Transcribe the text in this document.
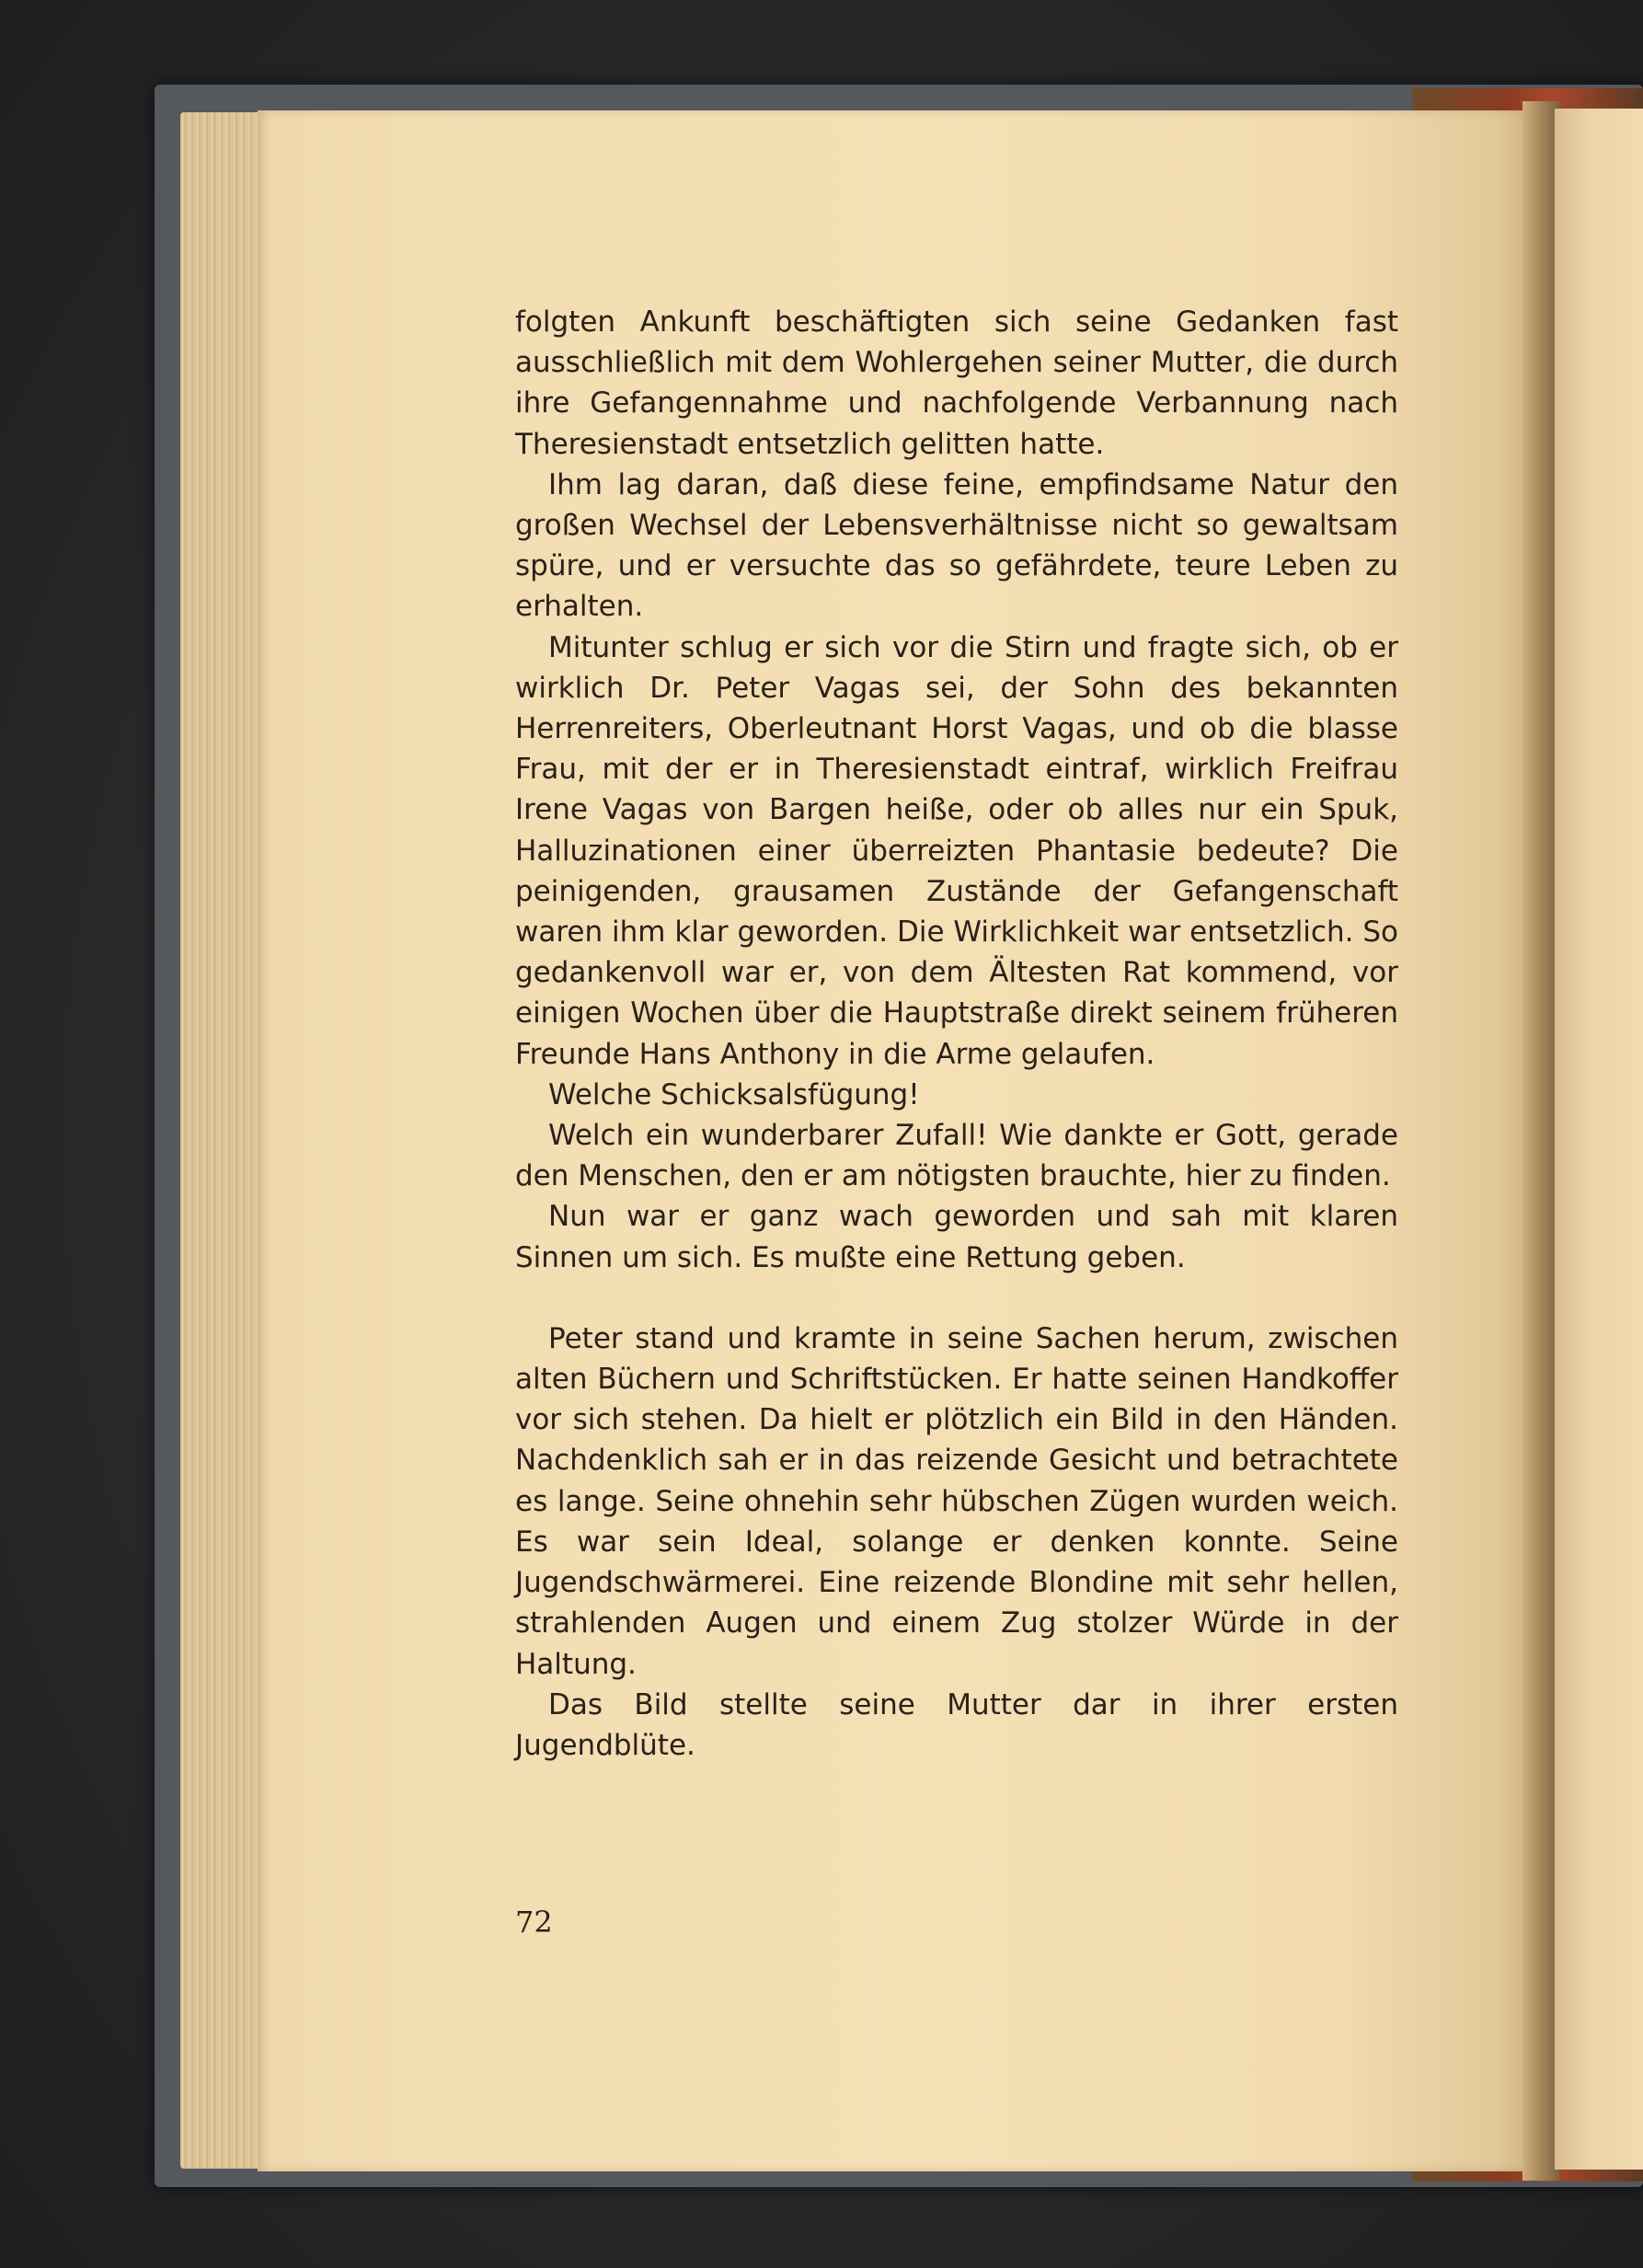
folgten Ankunft beschäftigten sich seine Gedanken fast ausschließlich mit dem Wohlergehen seiner Mutter, die durch ihre Gefangennahme und nachfolgende Verbannung nach Theresienstadt entsetzlich gelitten hatte.

Ihm lag daran, daß diese feine, empfindsame Natur den großen Wechsel der Lebensverhältnisse nicht so gewaltsam spüre, und er versuchte das so gefährdete, teure Leben zu erhalten.

Mitunter schlug er sich vor die Stirn und fragte sich, ob er wirklich Dr. Peter Vagas sei, der Sohn des bekannten Herrenreiters, Oberleutnant Horst Vagas, und ob die blasse Frau, mit der er in Theresienstadt eintraf, wirklich Freifrau Irene Vagas von Bargen heiße, oder ob alles nur ein Spuk, Halluzinationen einer überreizten Phantasie bedeute? Die peinigenden, grausamen Zustände der Gefangenschaft waren ihm klar geworden. Die Wirklichkeit war entsetzlich. So gedankenvoll war er, von dem Ältesten Rat kommend, vor einigen Wochen über die Hauptstraße direkt seinem früheren Freunde Hans Anthony in die Arme gelaufen.

Welche Schicksalsfügung!

Welch ein wunderbarer Zufall! Wie dankte er Gott, gerade den Menschen, den er am nötigsten brauchte, hier zu finden.

Nun war er ganz wach geworden und sah mit klaren Sinnen um sich. Es mußte eine Rettung geben.

Peter stand und kramte in seine Sachen herum, zwischen alten Büchern und Schriftstücken. Er hatte seinen Handkoffer vor sich stehen. Da hielt er plötzlich ein Bild in den Händen. Nachdenklich sah er in das reizende Gesicht und betrachtete es lange. Seine ohnehin sehr hübschen Zügen wurden weich. Es war sein Ideal, solange er denken konnte. Seine Jugendschwärmerei. Eine reizende Blondine mit sehr hellen, strahlenden Augen und einem Zug stolzer Würde in der Haltung.

Das Bild stellte seine Mutter dar in ihrer ersten Jugendblüte.

72
